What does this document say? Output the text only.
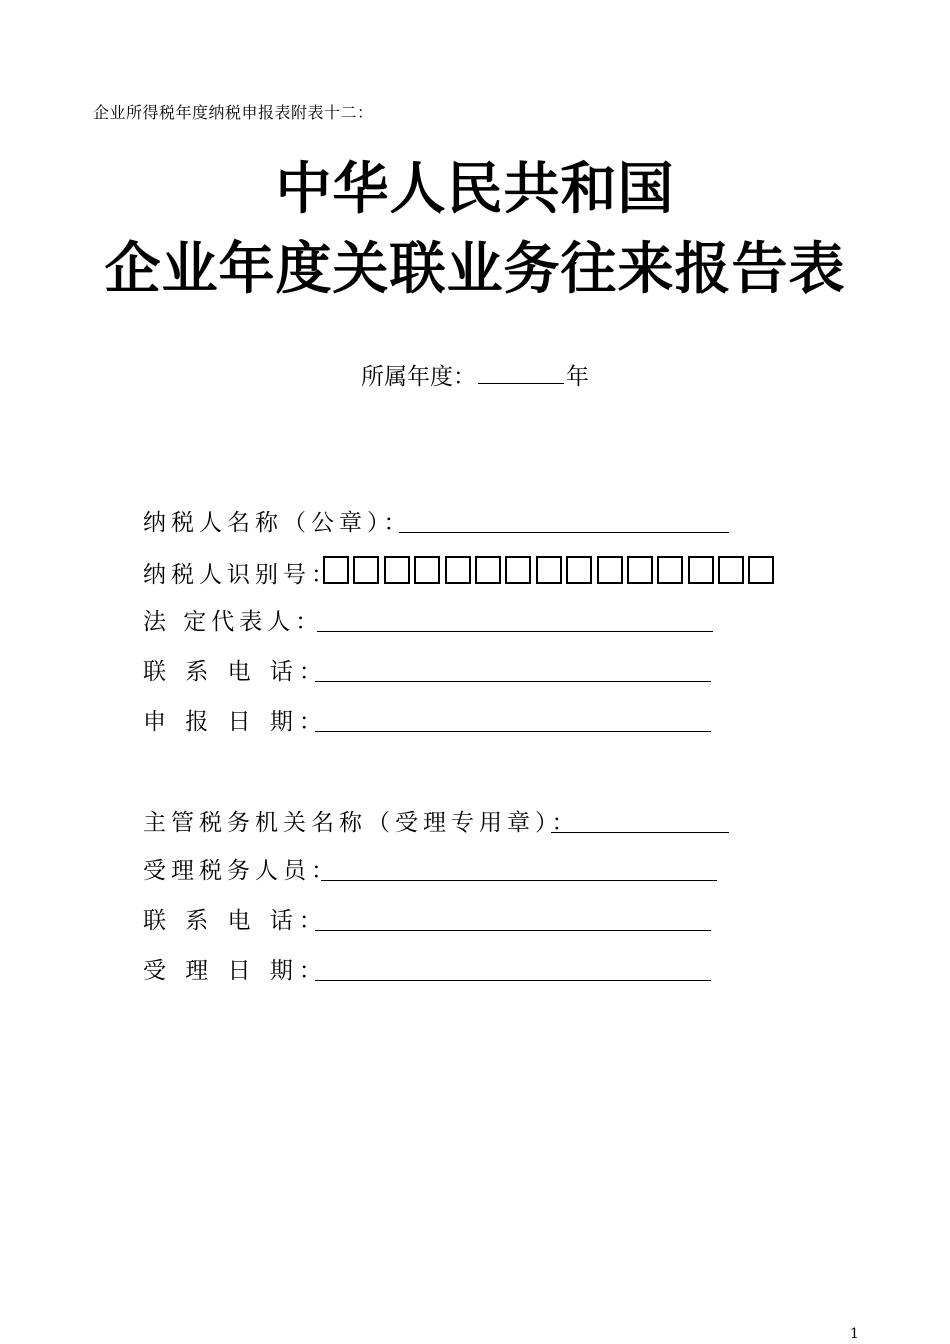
企业所得税年度纳税申报表附表十二：
中华人民共和国
企业年度关联业务往来报告表
所属年度：	年
纳税人名称（公章）：
纳税人识别号：
法 定代表人：
联 系 电 话：
申 报 日 期：
主管税务机关名称（受理专用章）：
受理税务人员：
联 系 电 话：
受 理 日 期：
1
